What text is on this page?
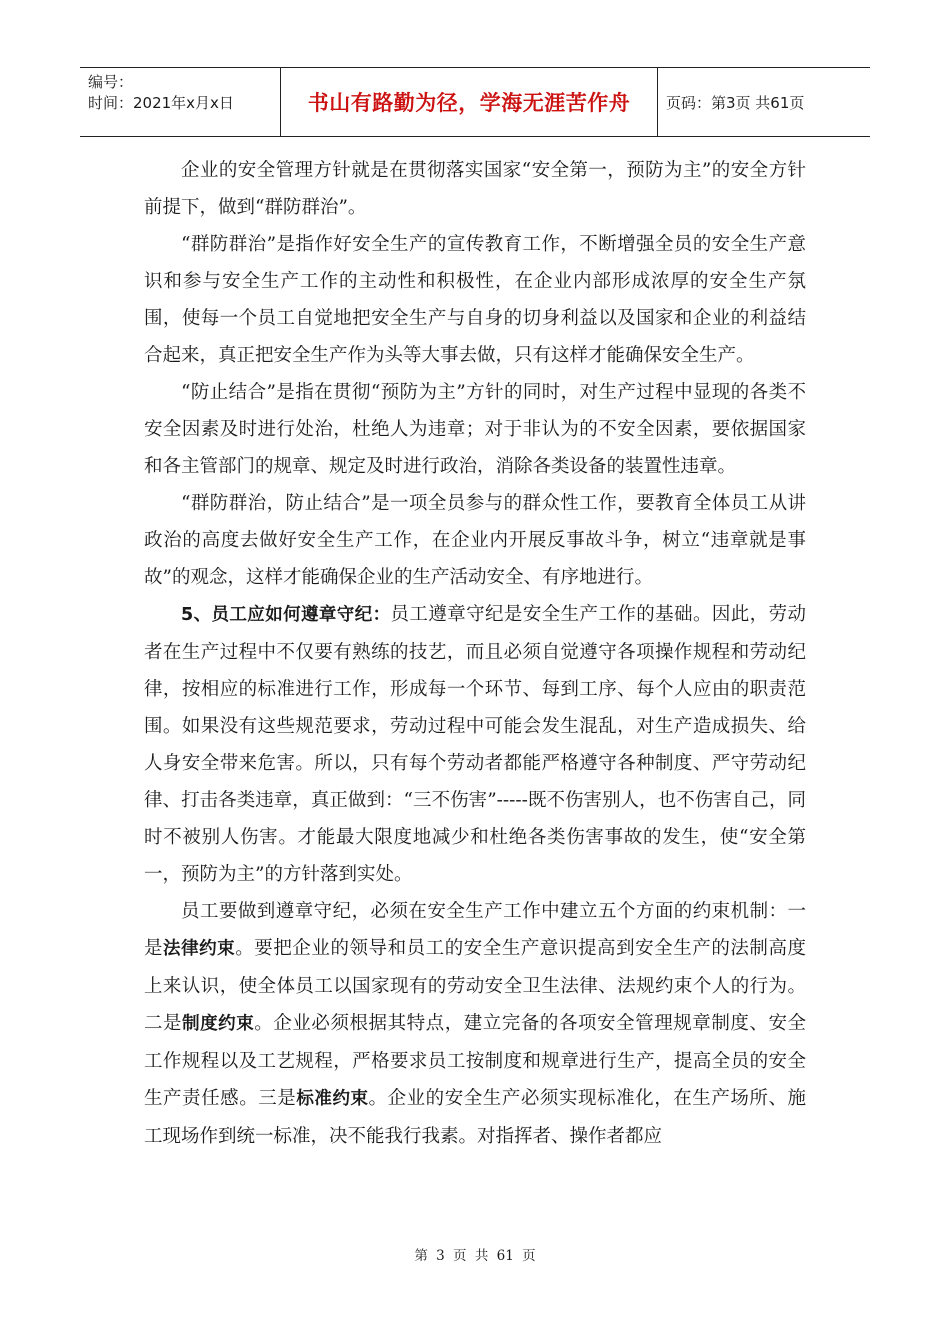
编号：
时间：2021年x月x日	书山有路勤为径，学海无涯苦作舟	页码：第3页 共61页

企业的安全管理方针就是在贯彻落实国家“安全第一，预防为主”的安全方针前提下，做到“群防群治”。

“群防群治”是指作好安全生产的宣传教育工作，不断增强全员的安全生产意识和参与安全生产工作的主动性和积极性，在企业内部形成浓厚的安全生产氛围，使每一个员工自觉地把安全生产与自身的切身利益以及国家和企业的利益结合起来，真正把安全生产作为头等大事去做，只有这样才能确保安全生产。

“防止结合”是指在贯彻“预防为主”方针的同时，对生产过程中显现的各类不安全因素及时进行处治，杜绝人为违章；对于非认为的不安全因素，要依据国家和各主管部门的规章、规定及时进行政治，消除各类设备的装置性违章。

“群防群治，防止结合”是一项全员参与的群众性工作，要教育全体员工从讲政治的高度去做好安全生产工作，在企业内开展反事故斗争，树立“违章就是事故”的观念，这样才能确保企业的生产活动安全、有序地进行。

5、员工应如何遵章守纪：员工遵章守纪是安全生产工作的基础。因此，劳动者在生产过程中不仅要有熟练的技艺，而且必须自觉遵守各项操作规程和劳动纪律，按相应的标准进行工作，形成每一个环节、每到工序、每个人应由的职责范围。如果没有这些规范要求，劳动过程中可能会发生混乱，对生产造成损失、给人身安全带来危害。所以，只有每个劳动者都能严格遵守各种制度、严守劳动纪律、打击各类违章，真正做到：“三不伤害”-----既不伤害别人，也不伤害自己，同时不被别人伤害。才能最大限度地减少和杜绝各类伤害事故的发生，使“安全第一，预防为主”的方针落到实处。

员工要做到遵章守纪，必须在安全生产工作中建立五个方面的约束机制：一是法律约束。要把企业的领导和员工的安全生产意识提高到安全生产的法制高度上来认识，使全体员工以国家现有的劳动安全卫生法律、法规约束个人的行为。二是制度约束。企业必须根据其特点，建立完备的各项安全管理规章制度、安全工作规程以及工艺规程，严格要求员工按制度和规章进行生产，提高全员的安全生产责任感。三是标准约束。企业的安全生产必须实现标准化，在生产场所、施工现场作到统一标准，决不能我行我素。对指挥者、操作者都应

第 3 页 共 61 页
